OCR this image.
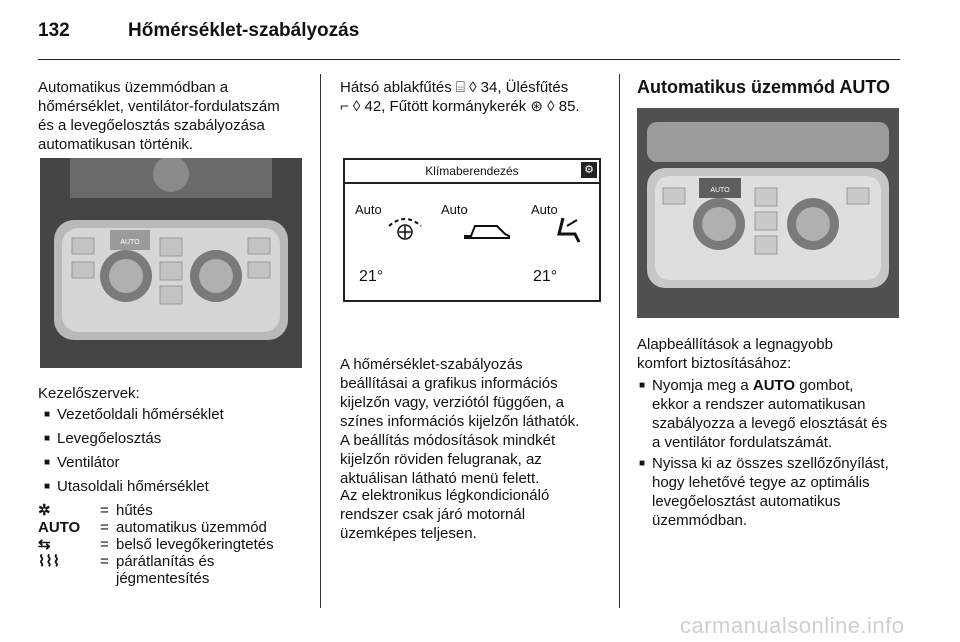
132	Hőmérséklet-szabályozás
Automatikus üzemmódban a
hőmérséklet, ventilátor-fordulatszám
és a levegőelosztás szabályozása
automatikusan történik.
AUTO
Kezelőszervek:
■ Vezetőoldali hőmérséklet
■ Levegőelosztás
■ Ventilátor
■ Utasoldali hőmérséklet
✲	= hűtés
AUTO	= automatikus üzemmód
⇆	= belső levegőkeringtetés
⌇⌇⌇	= párátlanítás és
jégmentesítés
Hátsó ablakfűtés ⌸ ◊ 34, Ülésfűtés
⌐ ◊ 42, Fűtött kormánykerék ⊛ ◊ 85.
Klímaberendezés	⚙
Auto	Auto	Auto
21°	21°
A hőmérséklet-szabályozás
beállításai a grafikus információs
kijelzőn vagy, verziótól függően, a
színes információs kijelzőn láthatók.
A beállítás módosítások mindkét
kijelzőn röviden felugranak, az
aktuálisan látható menü felett.
Az elektronikus légkondicionáló
rendszer csak járó motornál
üzemképes teljesen.
Automatikus üzemmód AUTO
AUTO
Alapbeállítások a legnagyobb
komfort biztosításához:
■ Nyomja meg a AUTO gombot,
ekkor a rendszer automatikusan
szabályozza a levegő elosztását és
a ventilátor fordulatszámát.
■ Nyissa ki az összes szellőzőnyílást,
hogy lehetővé tegye az optimális
levegőelosztást automatikus
üzemmódban.
carmanualsonline.info
